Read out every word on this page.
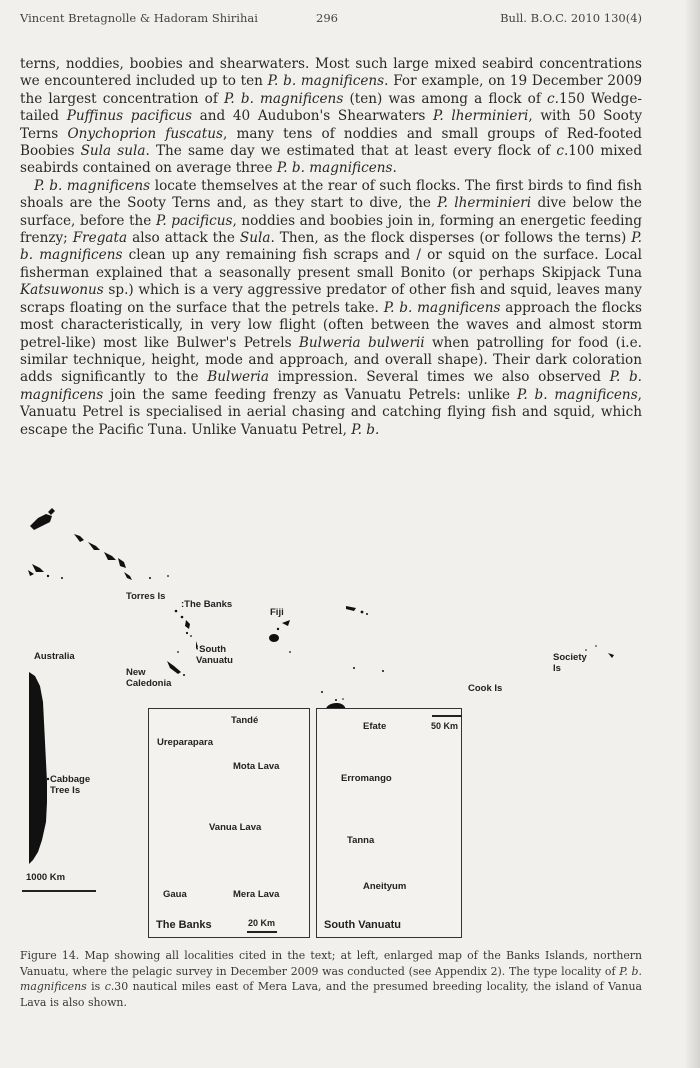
Vincent Bretagnolle & Hadoram Shirihai	296	Bull. B.O.C. 2010 130(4)

terns, noddies, boobies and shearwaters. Most such large mixed seabird concentrations we encountered included up to ten P. b. magnificens. For example, on 19 December 2009 the largest concentration of P. b. magnificens (ten) was among a flock of c.150 Wedge-tailed Puffinus pacificus and 40 Audubon's Shearwaters P. lherminieri, with 50 Sooty Terns Onychoprion fuscatus, many tens of noddies and small groups of Red-footed Boobies Sula sula. The same day we estimated that at least every flock of c.100 mixed seabirds contained on average three P. b. magnificens.

P. b. magnificens locate themselves at the rear of such flocks. The first birds to find fish shoals are the Sooty Terns and, as they start to dive, the P. lherminieri dive below the surface, before the P. pacificus, noddies and boobies join in, forming an energetic feeding frenzy; Fregata also attack the Sula. Then, as the flock disperses (or follows the terns) P. b. magnificens clean up any remaining fish scraps and / or squid on the surface. Local fisherman explained that a seasonally present small Bonito (or perhaps Skipjack Tuna Katsuwonus sp.) which is a very aggressive predator of other fish and squid, leaves many scraps floating on the surface that the petrels take. P. b. magnificens approach the flocks most characteristically, in very low flight (often between the waves and almost storm petrel-like) most like Bulwer's Petrels Bulweria bulwerii when patrolling for food (i.e. similar technique, height, mode and approach, and overall shape). Their dark coloration adds significantly to the Bulweria impression. Several times we also observed P. b. magnificens join the same feeding frenzy as Vanuatu Petrels: unlike P. b. magnificens, Vanuatu Petrel is specialised in aerial chasing and catching flying fish and squid, which escape the Pacific Tuna. Unlike Vanuatu Petrel, P. b.

Torres Is
:The Banks
Fiji
·South
Vanuatu
Australia
New
Caledonia
Society
Is
Cook Is
Cabbage
Tree Is
1000 Km
Tandé
Ureparapara
Mota Lava
Vanua Lava
Gaua	Mera Lava
The Banks	20 Km
50 Km
Efate
Erromango
Tanna
Aneityum
South Vanuatu
Figure 14. Map showing all localities cited in the text; at left, enlarged map of the Banks Islands, northern Vanuatu, where the pelagic survey in December 2009 was conducted (see Appendix 2). The type locality of P. b. magnificens is c.30 nautical miles east of Mera Lava, and the presumed breeding locality, the island of Vanua Lava is also shown.
